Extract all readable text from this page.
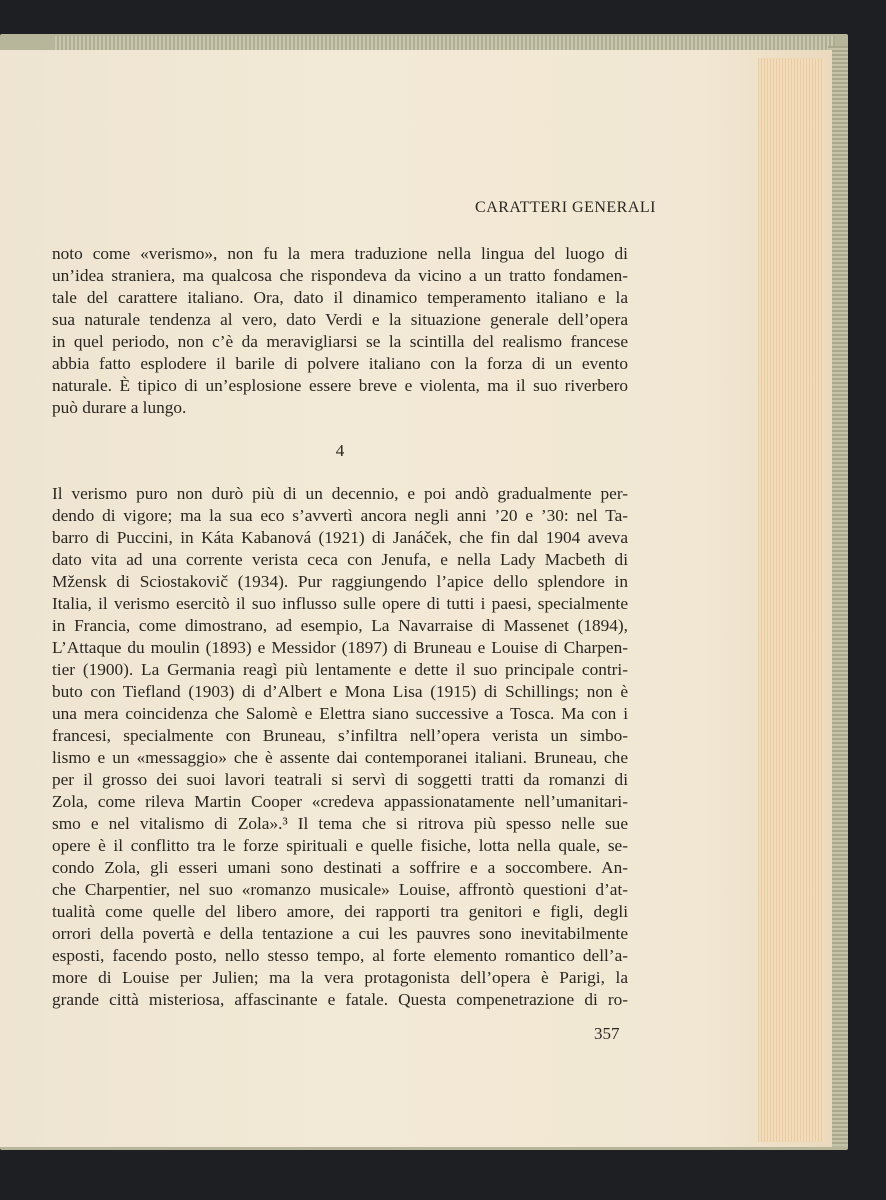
CARATTERI GENERALI
noto come «verismo», non fu la mera traduzione nella lingua del luogo di
un’idea straniera, ma qualcosa che rispondeva da vicino a un tratto fondamen-
tale del carattere italiano. Ora, dato il dinamico temperamento italiano e la
sua naturale tendenza al vero, dato Verdi e la situazione generale dell’opera
in quel periodo, non c’è da meravigliarsi se la scintilla del realismo francese
abbia fatto esplodere il barile di polvere italiano con la forza di un evento
naturale. È tipico di un’esplosione essere breve e violenta, ma il suo riverbero
può durare a lungo.
4
Il verismo puro non durò più di un decennio, e poi andò gradualmente per-
dendo di vigore; ma la sua eco s’avvertì ancora negli anni ’20 e ’30: nel Ta-
barro di Puccini, in Káta Kabanová (1921) di Janáček, che fin dal 1904 aveva
dato vita ad una corrente verista ceca con Jenufa, e nella Lady Macbeth di
Mžensk di Sciostakovič (1934). Pur raggiungendo l’apice dello splendore in
Italia, il verismo esercitò il suo influsso sulle opere di tutti i paesi, specialmente
in Francia, come dimostrano, ad esempio, La Navarraise di Massenet (1894),
L’Attaque du moulin (1893) e Messidor (1897) di Bruneau e Louise di Charpen-
tier (1900). La Germania reagì più lentamente e dette il suo principale contri-
buto con Tiefland (1903) di d’Albert e Mona Lisa (1915) di Schillings; non è
una mera coincidenza che Salomè e Elettra siano successive a Tosca. Ma con i
francesi, specialmente con Bruneau, s’infiltra nell’opera verista un simbo-
lismo e un «messaggio» che è assente dai contemporanei italiani. Bruneau, che
per il grosso dei suoi lavori teatrali si servì di soggetti tratti da romanzi di
Zola, come rileva Martin Cooper «credeva appassionatamente nell’umanitari-
smo e nel vitalismo di Zola».³ Il tema che si ritrova più spesso nelle sue
opere è il conflitto tra le forze spirituali e quelle fisiche, lotta nella quale, se-
condo Zola, gli esseri umani sono destinati a soffrire e a soccombere. An-
che Charpentier, nel suo «romanzo musicale» Louise, affrontò questioni d’at-
tualità come quelle del libero amore, dei rapporti tra genitori e figli, degli
orrori della povertà e della tentazione a cui les pauvres sono inevitabilmente
esposti, facendo posto, nello stesso tempo, al forte elemento romantico dell’a-
more di Louise per Julien; ma la vera protagonista dell’opera è Parigi, la
grande città misteriosa, affascinante e fatale. Questa compenetrazione di ro-
357
